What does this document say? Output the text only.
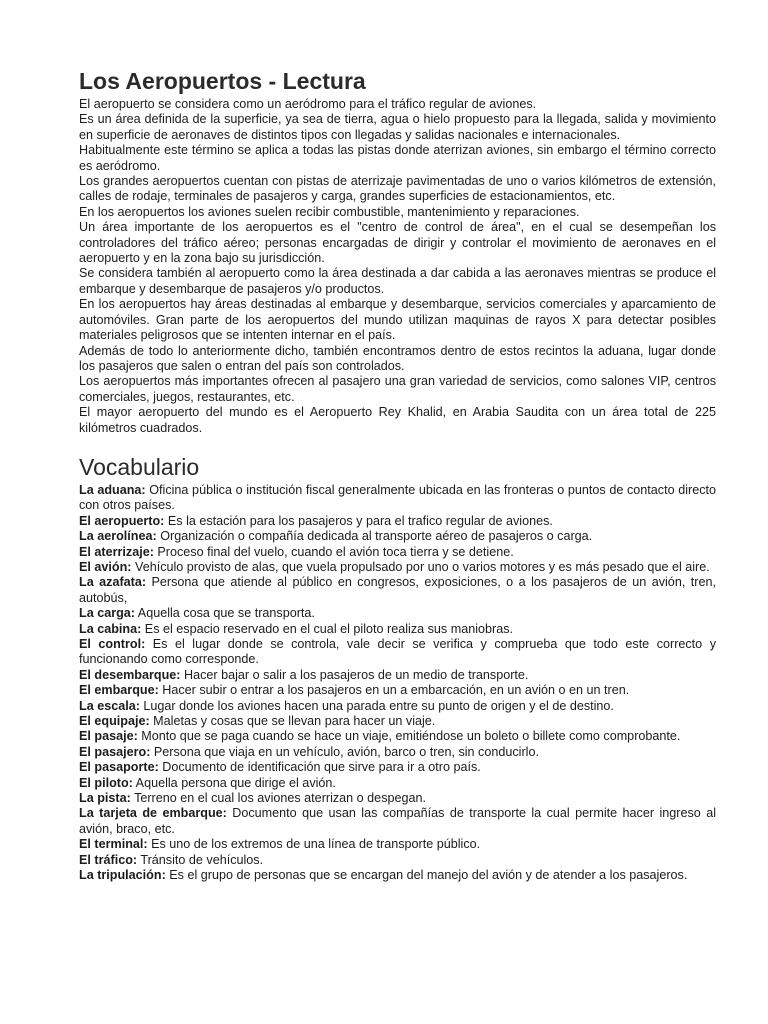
Los Aeropuertos - Lectura

El aeropuerto se considera como un aeródromo para el tráfico regular de aviones.

Es un área definida de la superficie, ya sea de tierra, agua o hielo propuesto para la llegada, salida y movimiento en superficie de aeronaves de distintos tipos con llegadas y salidas nacionales e internacionales.

Habitualmente este término se aplica a todas las pistas donde aterrizan aviones, sin embargo el término correcto es aeródromo.

Los grandes aeropuertos cuentan con pistas de aterrizaje pavimentadas de uno o varios kilómetros de extensión, calles de rodaje, terminales de pasajeros y carga, grandes superficies de estacionamientos, etc.

En los aeropuertos los aviones suelen recibir combustible, mantenimiento y reparaciones.

Un área importante de los aeropuertos es el "centro de control de área", en el cual se desempeñan los controladores del tráfico aéreo; personas encargadas de dirigir y controlar el movimiento de aeronaves en el aeropuerto y en la zona bajo su jurisdicción.

Se considera también al aeropuerto como la área destinada a dar cabida a las aeronaves mientras se produce el embarque y desembarque de pasajeros y/o productos.

En los aeropuertos hay áreas destinadas al embarque y desembarque, servicios comerciales y aparcamiento de automóviles. Gran parte de los aeropuertos del mundo utilizan maquinas de rayos X para detectar posibles materiales peligrosos que se intenten internar en el país.

Además de todo lo anteriormente dicho, también encontramos dentro de estos recintos la aduana, lugar donde los pasajeros que salen o entran del país son controlados.

Los aeropuertos más importantes ofrecen al pasajero una gran variedad de servicios, como salones VIP, centros comerciales, juegos, restaurantes, etc.

El mayor aeropuerto del mundo es el Aeropuerto Rey Khalid, en Arabia Saudita con un área total de 225 kilómetros cuadrados.

Vocabulario

La aduana: Oficina pública o institución fiscal generalmente ubicada en las fronteras o puntos de contacto directo con otros países.

El aeropuerto: Es la estación para los pasajeros y para el trafico regular de aviones.

La aerolínea: Organización o compañía dedicada al transporte aéreo de pasajeros o carga.

El aterrizaje: Proceso final del vuelo, cuando el avión toca tierra y se detiene.

El avión: Vehículo provisto de alas, que vuela propulsado por uno o varios motores y es más pesado que el aire.

La azafata: Persona que atiende al público en congresos, exposiciones, o a los pasajeros de un avión, tren, autobús,

La carga: Aquella cosa que se transporta.

La cabina: Es el espacio reservado en el cual el piloto realiza sus maniobras.

El control: Es el lugar donde se controla, vale decir se verifica y comprueba que todo este correcto y funcionando como corresponde.

El desembarque: Hacer bajar o salir a los pasajeros de un medio de transporte.

El embarque: Hacer subir o entrar a los pasajeros en un a embarcación, en un avión o en un tren.

La escala: Lugar donde los aviones hacen una parada entre su punto de origen y el de destino.

El equipaje: Maletas y cosas que se llevan para hacer un viaje.

El pasaje: Monto que se paga cuando se hace un viaje, emitiéndose un boleto o billete como comprobante.

El pasajero: Persona que viaja en un vehículo, avión, barco o tren, sin conducirlo.

El pasaporte: Documento de identificación que sirve para ir a otro país.

El piloto: Aquella persona que dirige el avión.

La pista: Terreno en el cual los aviones aterrizan o despegan.

La tarjeta de embarque: Documento que usan las compañías de transporte la cual permite hacer ingreso al avión, braco, etc.

El terminal: Es uno de los extremos de una línea de transporte público.

El tráfico: Tránsito de vehículos.

La tripulación: Es el grupo de personas que se encargan del manejo del avión y de atender a los pasajeros.
